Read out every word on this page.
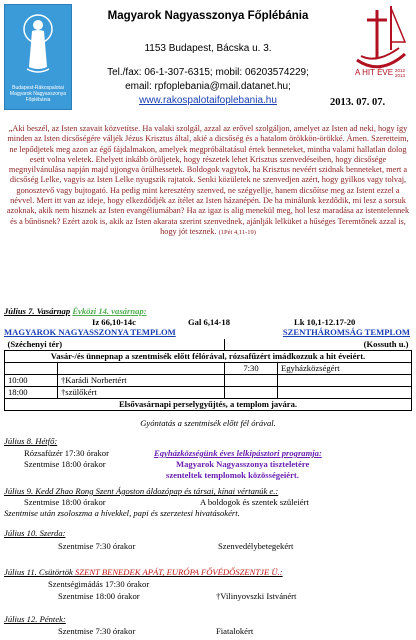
Budapest-Rákospalotai Magyarok Nagyasszonya Főplébánia
Magyarok Nagyasszonya Főplébánia
1153 Budapest, Bácska u. 3.
Tel./fax: 06-1-307-6315; mobil: 06203574229;
email: rpfoplebania@mail.datanet.hu;
www.rakospalotaifoplebania.hu
A HIT ÉVE 2012 2013
2013. 07. 07.
„Aki beszél, az Isten szavait közvetítse. Ha valaki szolgál, azzal az erővel szolgáljon, amelyet az Isten ad neki, hogy így minden az Isten dicsőségére váljék Jézus Krisztus által, akié a dicsőség és a hatalom örökkön-örökké. Ámen. Szeretteim, ne lepődjetek meg azon az égő fájdalmakon, amelyek megpróbáltatásul értek benneteket, mintha valami hallatlan dolog esett volna veletek. Ehelyett inkább örüljetek, hogy részetek lehet Krisztus szenvedéseiben, hogy dicsősége megnyilvánulása napján majd ujjongva örülhessetek. Boldogok vagytok, ha Krisztus nevéért szidnak benneteket, mert a dicsőség Lelke, vagyis az Isten Lelke nyugszik rajtatok. Senki közületek ne szenvedjen azért, hogy gyilkos vagy tolvaj, gonosztevő vagy bujtogató. Ha pedig mint keresztény szenved, ne szégyellje, hanem dicsőítse meg az Istent ezzel a névvel. Mert itt van az ideje, hogy elkezdődjék az ítélet az Isten házanépén. De ha minálunk kezdődik, mi lesz a sorsuk azoknak, akik nem hisznek az Isten evangéliumában? Ha az igaz is alig menekül meg, hol lesz maradása az istentelennek és a bűnösnek? Ezért azok is, akik az Isten akarata szerint szenvednek, ajánlják lelküket a hűséges Teremtőnek azzal is, hogy jót tesznek. (1Pét 4,11-19)
Július 7. Vasárnap Évközi 14. vasárnap:
Iz 66,10-14c	Gal 6,14-18	Lk 10,1-12.17-20
MAGYAROK NAGYASSZONYA TEMPLOM	SZENTHÁROMSÁG TEMPLOM
(Széchenyi tér)		(Kossuth u.)	
Vasár-/és ünnepnap a szentmisék előtt félórával, rózsafűzért imádkozzuk a hit éveiért.			
		7:30	Egyházközségért
10:00	†Karádi Norbertért		
18:00	†szülőkért		
Elsővasárnapi perselygyűjtés, a templom javára.			
Gyóntatás a szentmisék előtt fél órával.
Július 8. Hétfő:
Rózsafüzér 17:30 órakor	Egyházközségünk éves lelkipásztori programja:
Szentmise 18:00 órakor	Magyarok Nagyasszonya tiszteletére
szenteltek templomok közösségeiért.
Július 9. Kedd Zhao Rong Szent Ágoston áldozópap és társai, kínai vértanúk e.:
Szentmise 18:00 órakor	A boldogok és szentek szüleiért
Szentmise után zsoloszma a hívekkel, papi és szerzetesi hivatásokért.
Július 10. Szerda:
Szentmise 7:30 órakor	Szenvedélybetegekért
Július 11. Csütörtök SZENT BENEDEK APÁT, EURÓPA FŐVÉDŐSZENTJE Ü.:
Szentségimádás 17:30 órakor
Szentmise 18:00 órakor	†Vilinyovszki Istvánért
Július 12. Péntek:
Szentmise 7:30 órakor	Fiatalokért
